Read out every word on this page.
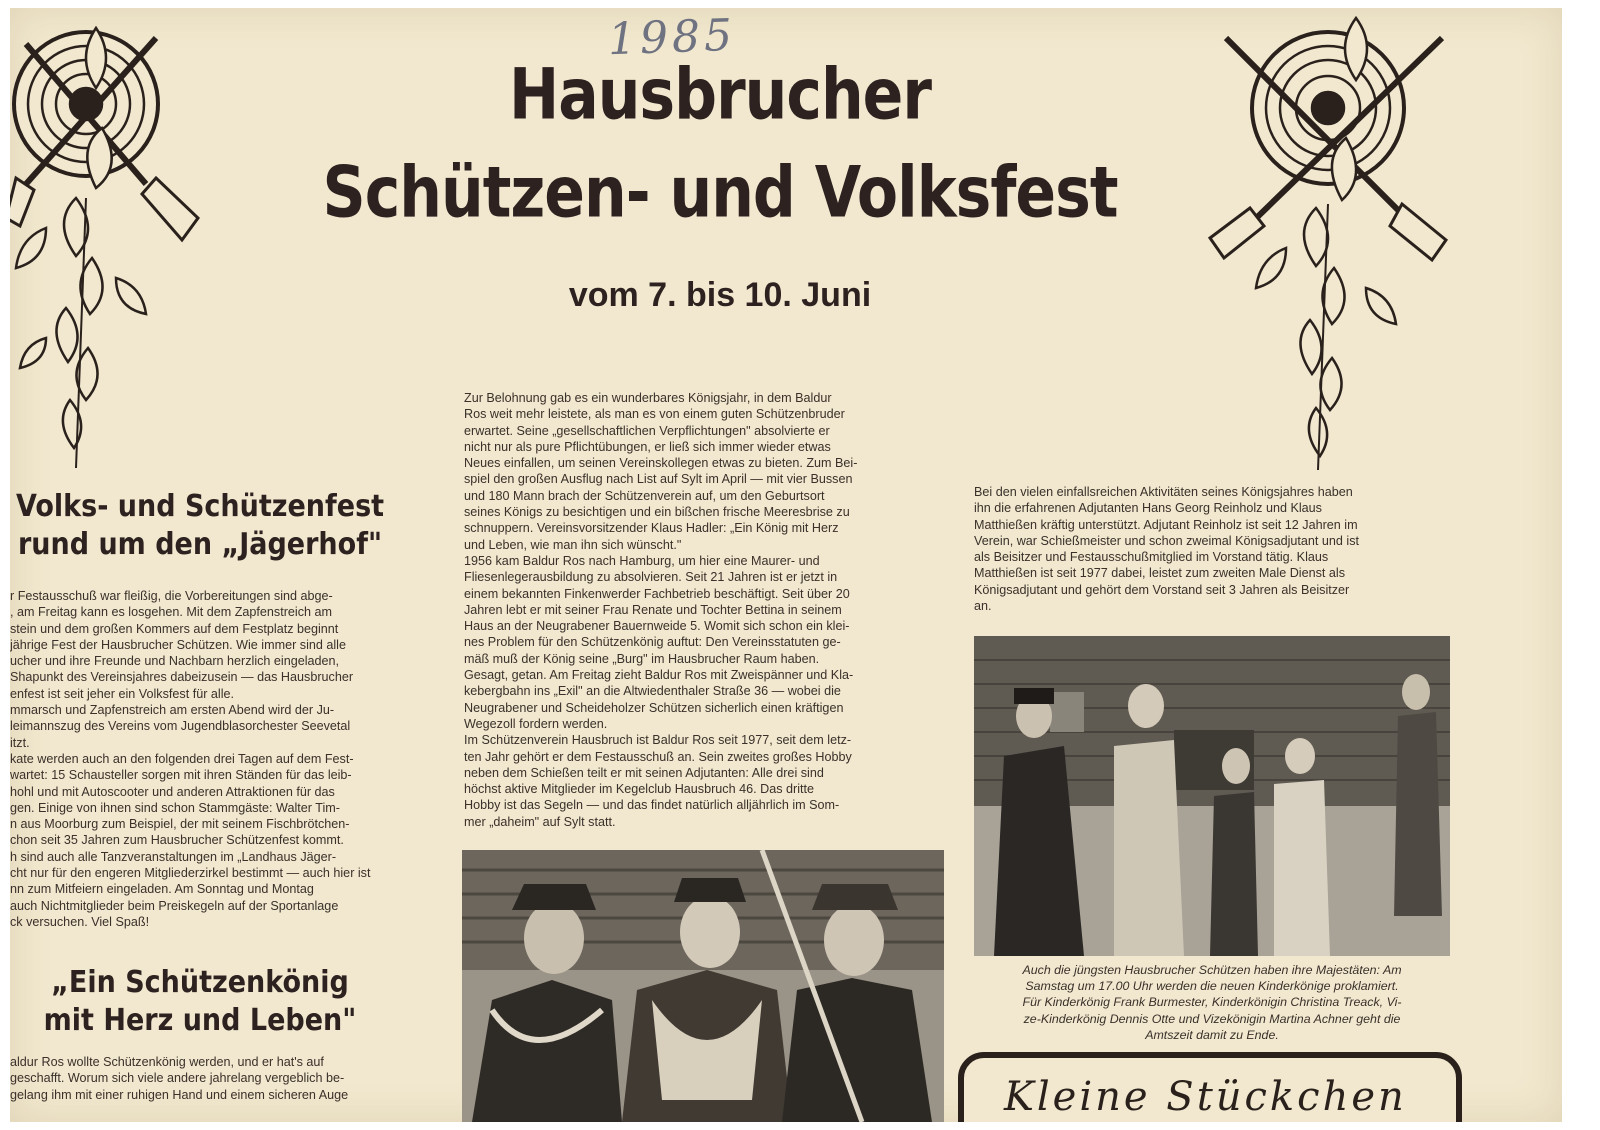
1985
Hausbrucher
Schützen- und Volksfest
vom 7. bis 10. Juni
Volks- und Schützenfest
rund um den „Jägerhof"
r Festausschuß war fleißig, die Vorbereitungen sind abge-
, am Freitag kann es losgehen. Mit dem Zapfenstreich am
stein und dem großen Kommers auf dem Festplatz beginnt
jährige Fest der Hausbrucher Schützen. Wie immer sind alle
ucher und ihre Freunde und Nachbarn herzlich eingeladen,
Shapunkt des Vereinsjahres dabeizusein — das Hausbrucher
enfest ist seit jeher ein Volksfest für alle.
mmarsch und Zapfenstreich am ersten Abend wird der Ju-
leimannszug des Vereins vom Jugendblasorchester Seevetal
itzt.
kate werden auch an den folgenden drei Tagen auf dem Fest-
wartet: 15 Schausteller sorgen mit ihren Ständen für das leib-
hohl und mit Autoscooter und anderen Attraktionen für das
gen. Einige von ihnen sind schon Stammgäste: Walter Tim-
n aus Moorburg zum Beispiel, der mit seinem Fischbrötchen-
chon seit 35 Jahren zum Hausbrucher Schützenfest kommt.
h sind auch alle Tanzveranstaltungen im „Landhaus Jäger-
cht nur für den engeren Mitgliederzirkel bestimmt — auch hier ist
nn zum Mitfeiern eingeladen. Am Sonntag und Montag
auch Nichtmitglieder beim Preiskegeln auf der Sportanlage
ck versuchen. Viel Spaß!
„Ein Schützenkönig
mit Herz und Leben"
aldur Ros wollte Schützenkönig werden, und er hat's auf
geschafft. Worum sich viele andere jahrelang vergeblich be-
gelang ihm mit einer ruhigen Hand und einem sicheren Auge
Zur Belohnung gab es ein wunderbares Königsjahr, in dem Baldur
Ros weit mehr leistete, als man es von einem guten Schützenbruder
erwartet. Seine „gesellschaftlichen Verpflichtungen" absolvierte er
nicht nur als pure Pflichtübungen, er ließ sich immer wieder etwas
Neues einfallen, um seinen Vereinskollegen etwas zu bieten. Zum Bei-
spiel den großen Ausflug nach List auf Sylt im April — mit vier Bussen
und 180 Mann brach der Schützenverein auf, um den Geburtsort
seines Königs zu besichtigen und ein bißchen frische Meeresbrise zu
schnuppern. Vereinsvorsitzender Klaus Hadler: „Ein König mit Herz
und Leben, wie man ihn sich wünscht."
1956 kam Baldur Ros nach Hamburg, um hier eine Maurer- und
Fliesenlegerausbildung zu absolvieren. Seit 21 Jahren ist er jetzt in
einem bekannten Finkenwerder Fachbetrieb beschäftigt. Seit über 20
Jahren lebt er mit seiner Frau Renate und Tochter Bettina in seinem
Haus an der Neugrabener Bauernweide 5. Womit sich schon ein klei-
nes Problem für den Schützenkönig auftut: Den Vereinsstatuten ge-
mäß muß der König seine „Burg" im Hausbrucher Raum haben.
Gesagt, getan. Am Freitag zieht Baldur Ros mit Zweispänner und Kla-
kebergbahn ins „Exil" an die Altwiedenthaler Straße 36 — wobei die
Neugrabener und Scheideholzer Schützen sicherlich einen kräftigen
Wegezoll fordern werden.
Im Schützenverein Hausbruch ist Baldur Ros seit 1977, seit dem letz-
ten Jahr gehört er dem Festausschuß an. Sein zweites großes Hobby
neben dem Schießen teilt er mit seinen Adjutanten: Alle drei sind
höchst aktive Mitglieder im Kegelclub Hausbruch 46. Das dritte
Hobby ist das Segeln — und das findet natürlich alljährlich im Som-
mer „daheim" auf Sylt statt.
Bei den vielen einfallsreichen Aktivitäten seines Königsjahres haben
ihn die erfahrenen Adjutanten Hans Georg Reinholz und Klaus
Matthießen kräftig unterstützt. Adjutant Reinholz ist seit 12 Jahren im
Verein, war Schießmeister und schon zweimal Königsadjutant und ist
als Beisitzer und Festausschußmitglied im Vorstand tätig. Klaus
Matthießen ist seit 1977 dabei, leistet zum zweiten Male Dienst als
Königsadjutant und gehört dem Vorstand seit 3 Jahren als Beisitzer
an.
Auch die jüngsten Hausbrucher Schützen haben ihre Majestäten: Am
Samstag um 17.00 Uhr werden die neuen Kinderkönige proklamiert.
Für Kinderkönig Frank Burmester, Kinderkönigin Christina Treack, Vi-
ze-Kinderkönig Dennis Otte und Vizekönigin Martina Achner geht die
Amtszeit damit zu Ende.
Kleine Stückchen
